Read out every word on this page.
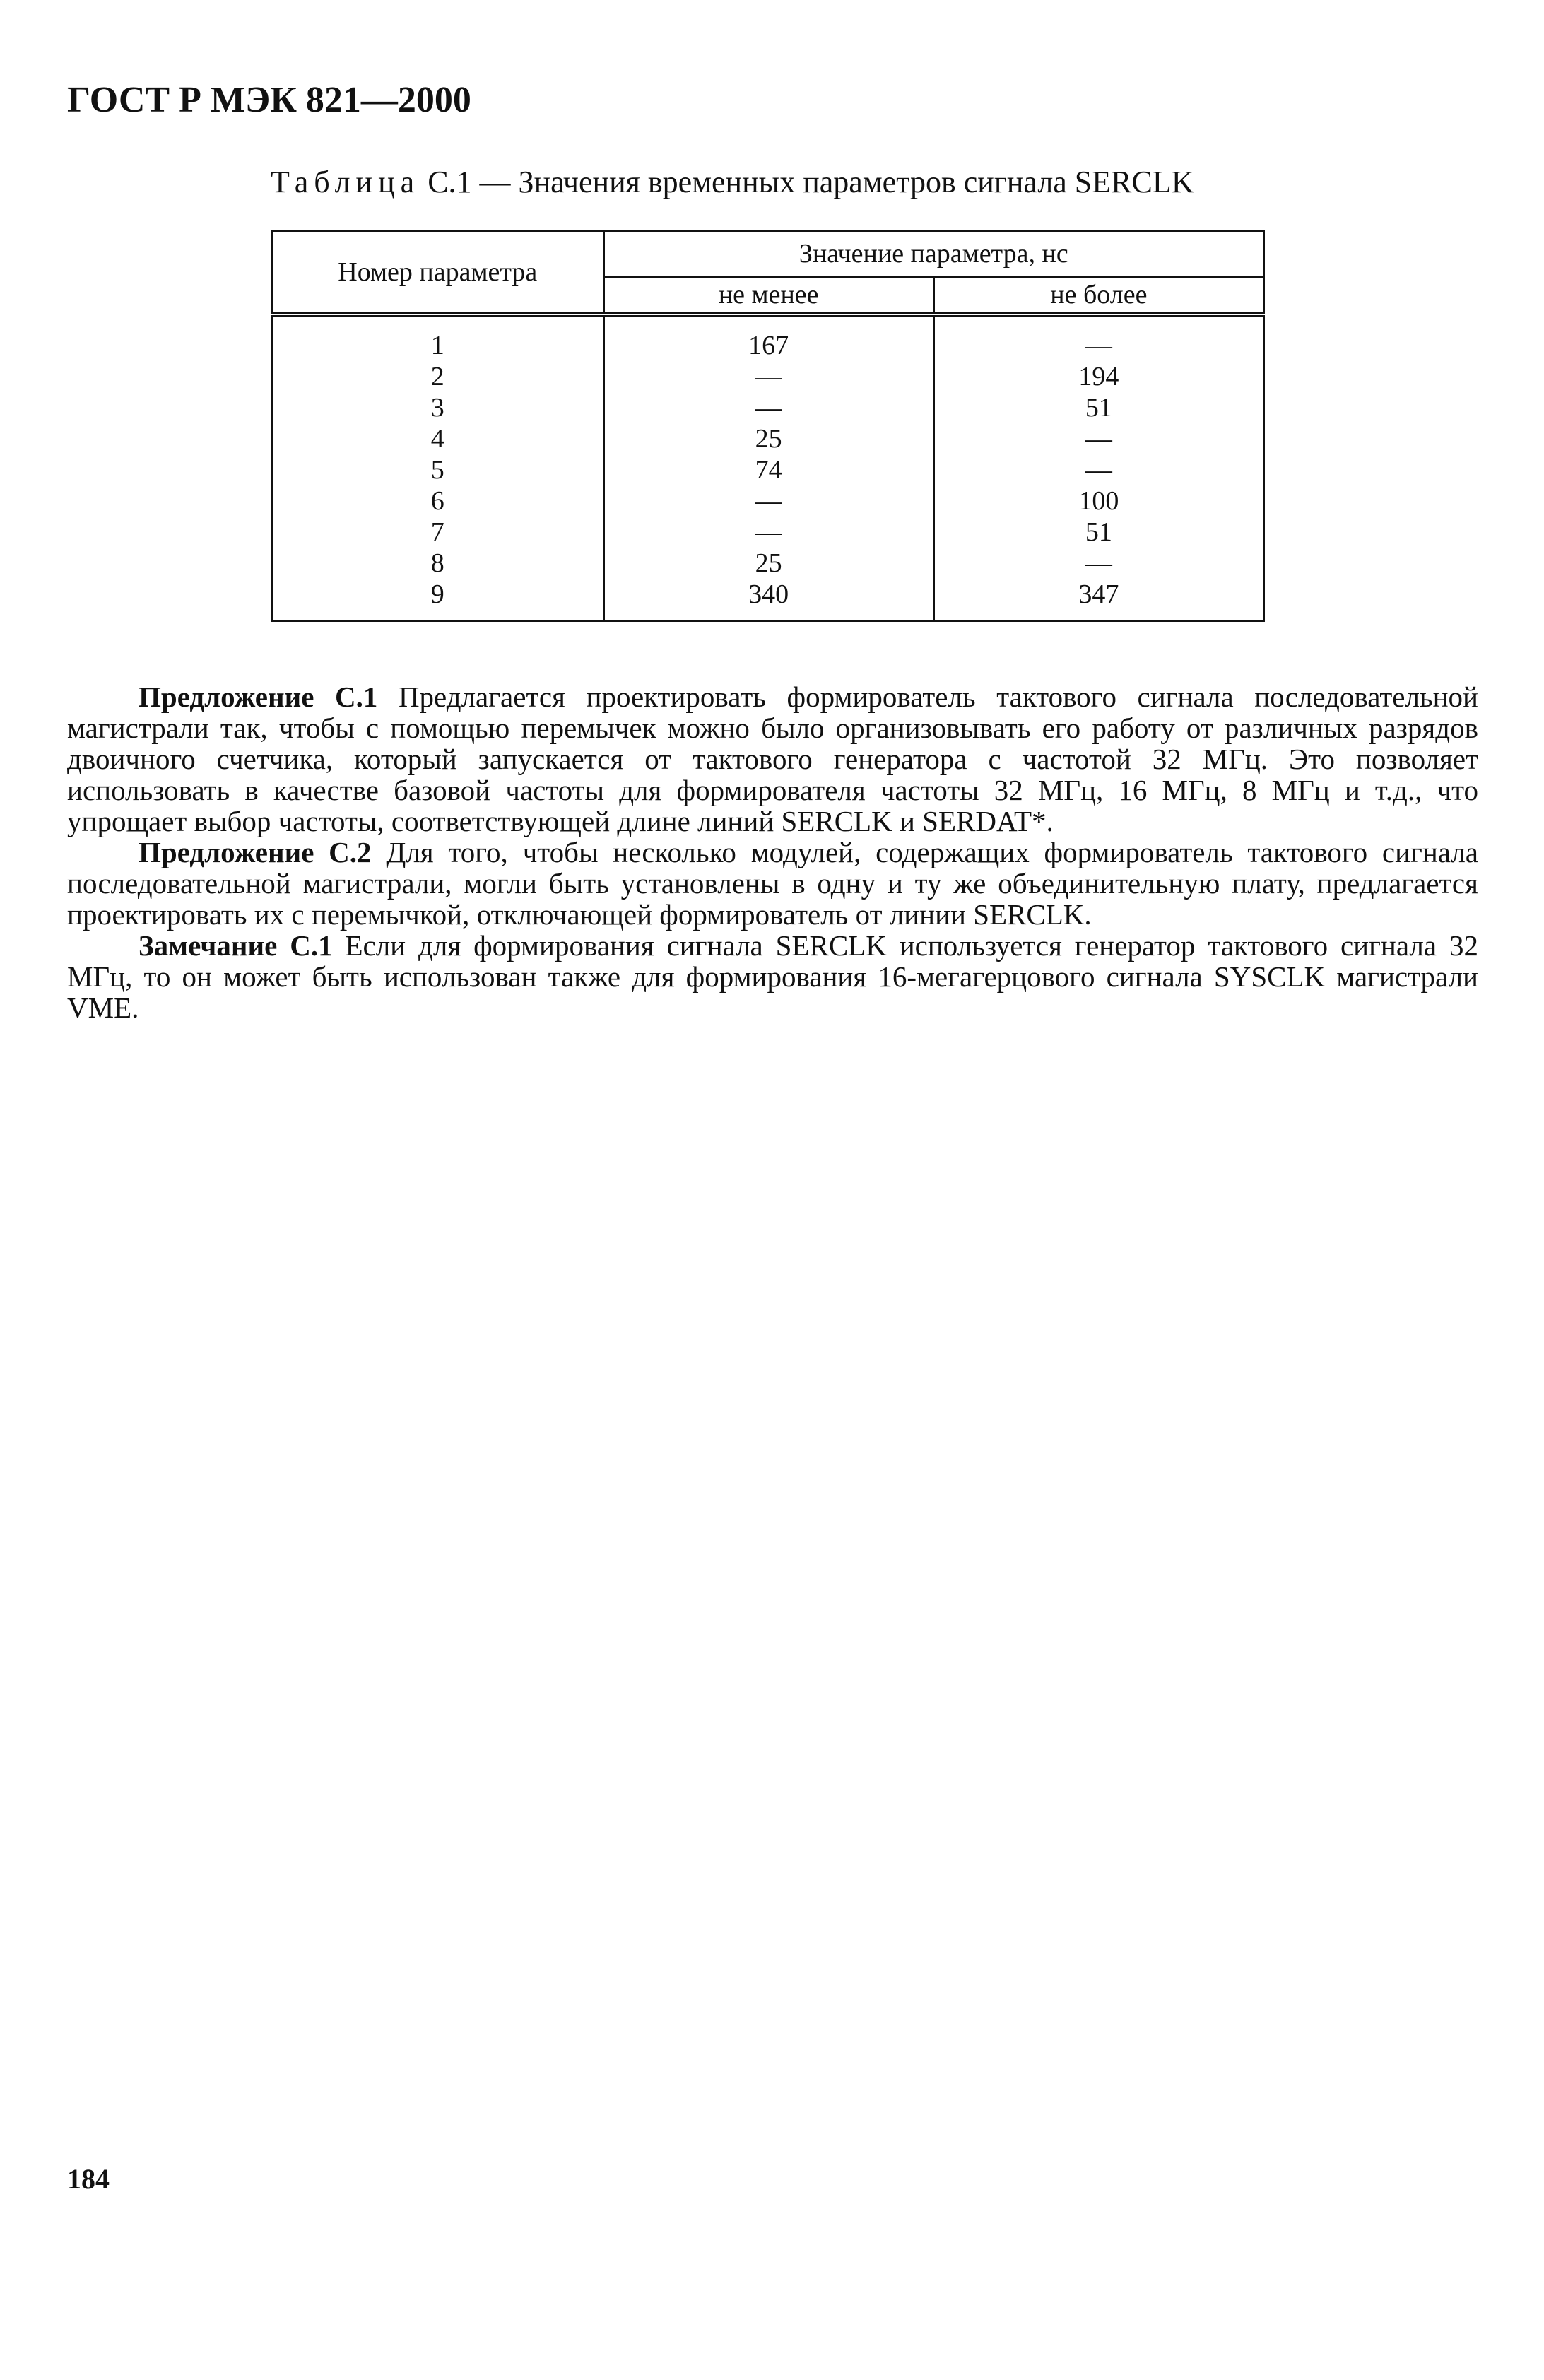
ГОСТ Р МЭК 821—2000
Таблица С.1 — Значения временных параметров сигнала SERCLK
Номер параметра	Значение параметра, нс	
	не менее	не более
1	167	—
2	—	194
3	—	51
4	25	—
5	74	—
6	—	100
7	—	51
8	25	—
9	340	347

Предложение С.1 Предлагается проектировать формирователь тактового сигнала последовательной магистрали так, чтобы с помощью перемычек можно было организовывать его работу от различных разрядов двоичного счетчика, который запускается от тактового генератора с частотой 32 МГц. Это позволяет использовать в качестве базовой частоты для формирователя частоты 32 МГц, 16 МГц, 8 МГц и т.д., что упрощает выбор частоты, соответствующей длине линий SERCLK и SERDAT*.

Предложение С.2 Для того, чтобы несколько модулей, содержащих формирователь тактового сигнала последовательной магистрали, могли быть установлены в одну и ту же объединительную плату, предлагается проектировать их с перемычкой, отключающей формирователь от линии SERCLK.

Замечание С.1 Если для формирования сигнала SERCLK используется генератор тактового сигнала 32 МГц, то он может быть использован также для формирования 16-мегагерцового сигнала SYSCLK магистрали VME.

184
